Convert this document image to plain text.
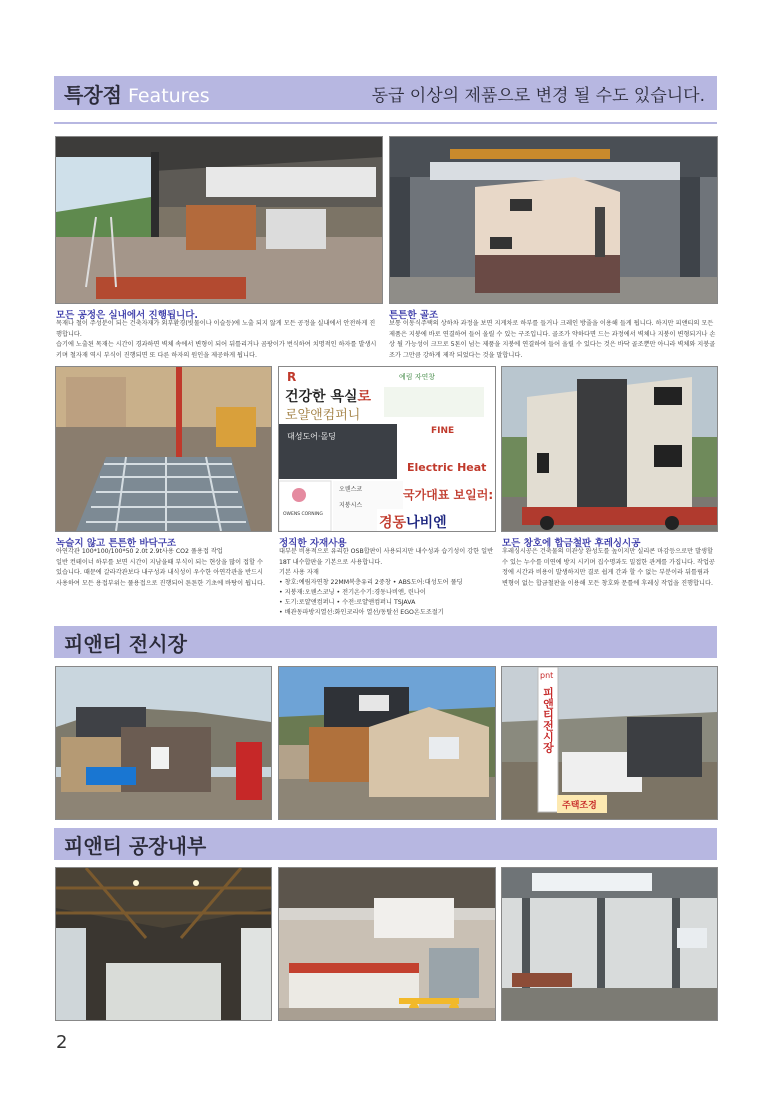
특장점 Features	동급 이상의 제품으로 변경 될 수도 있습니다.
모든 공정은 실내에서 진행됩니다.

목재나 철이 주성분이 되는 건축자재가 외부환경(빗물이나 이슬등)에 노출 되지 않게 모든 공정을 실내에서 안전하게 진행합니다.

습기에 노출된 목재는 시간이 경과하면 벽체 속에서 변형이 되어 뒤틀리거나 곰팡이가 번식하여 치명적인 하자를 발생시키며 철자재 역시 부식이 진행되면 또 다른 하자의 원인을 제공하게 됩니다.

튼튼한 골조

보통 이동식주택의 상하차 과정을 보면 지게차로 하부를 들거나 크레인 방줄을 이용해 들게 됩니다. 하지만 피앤티의 모든 제품은 지붕에 바로 연결하여 들어 올릴 수 있는 구조입니다. 골조가 약하다면 드는 과정에서 벽체나 지붕이 변형되거나 손상 될 가능성이 크므로 5톤이 넘는 제품을 지붕에 연결하여 들어 올릴 수 있다는 것은 바닥 골조뿐만 아니라 벽체와 지붕골조가 그만큼 강하게 제작 되었다는 것을 말합니다.

R	예림 자연창
건강한 욕실로
로얄앤컴퍼니
대성도어·몰딩
FINE
Electric Heat
OWENS CORNING
오웬스코
지붕시스
국가대표 보일러:
경동나비엔
녹슬지 않고 튼튼한 바닥구조

아연각관 100*100/100*50 2.0t 2.9t사용 CO2 풀용접 작업

일반 컨테이너 하부를 보면 시간이 지남을때 부식이 되는 현상을 많이 접할 수 있습니다. 때문에 갈라각관보다 내구성과 내식성이 우수한 아연각관을 반드시 사용하여 모든 용접부위는 풀용접으로 진행되어 튼튼한 기초에 바탕이 됩니다.

정직한 자재사용

대부분 비용적으로 유리한 OSB합판이 사용되지만 내수성과 습기성이 강한 일반 18T 내수합판을 기본으로 사용합니다.

기본 사용 자재

• 창호:예림자연창 22MM복층유리 2중창 • ABS도어:대성도어 풀딩
• 지붕재:오웬스코닝 • 전기온수기:경동나비엔, 린나이
• 도기:로얄앤컴퍼니 • 수전:로얄앤컴퍼니 TSJAVA
• 배관동파방지열선:화인코리아 열선/동탈선 EGO온도조절기
모든 창호에 합금철판 후레싱시공

후레싱시공은 건축물의 미관상 완성도를 높이지만 실리콘 마감등으로만 발생할 수 있는 누수를 미연에 방지 시키며 집수명과도 밀접한 관계를 가집니다. 작업공정에 시간과 비용이 발생하지만 결로 쉽게 간과 할 수 없는 부분이라 뒤틀림과 변형이 없는 합금철판을 이용해 모든 창호와 문틀에 후레싱 작업을 진행합니다.

피앤티 전시장
pnt
피앤티전시장
주택조경
피앤티 공장내부
2
